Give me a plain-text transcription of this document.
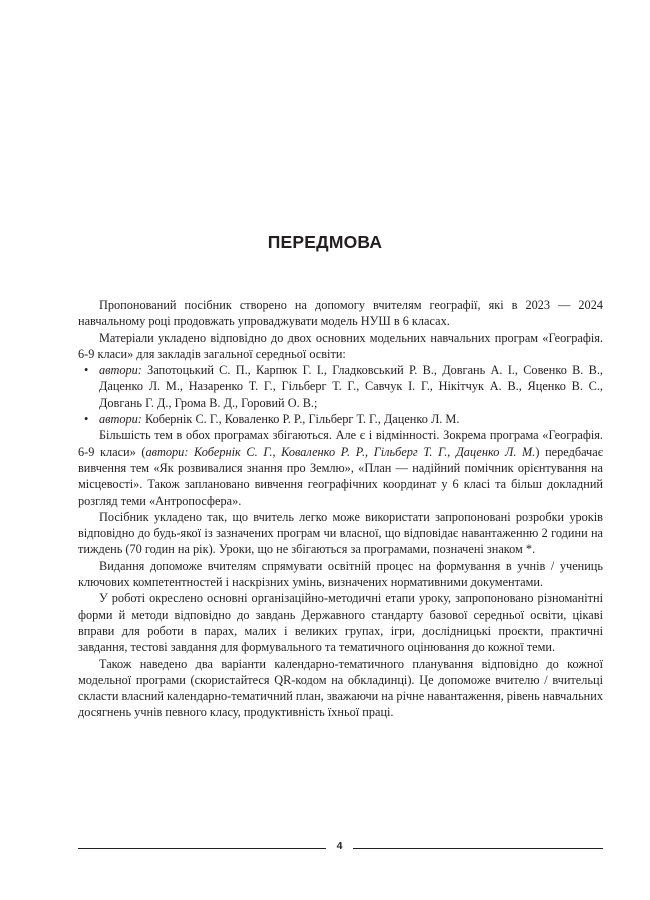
ПЕРЕДМОВА

Пропонований посібник створено на допомогу вчителям географії, які в 2023 — 2024 навчальному році продовжать упроваджувати модель НУШ в 6 класах.

Матеріали укладено відповідно до двох основних модельних навчальних програм «Географія. 6-9 класи» для закладів загальної середньої освіти:

• автори: Запотоцький С. П., Карпюк Г. І., Гладковський Р. В., Довгань А. І., Совенко В. В., Даценко Л. М., Назаренко Т. Г., Гільберг Т. Г., Савчук І. Г., Нікітчук А. В., Яценко В. С., Довгань Г. Д., Грома В. Д., Горовий О. В.;

• автори: Кобернік С. Г., Коваленко Р. Р., Гільберг Т. Г., Даценко Л. М.

Більшість тем в обох програмах збігаються. Але є і відмінності. Зокрема програма «Географія. 6-9 класи» (автори: Кобернік С. Г., Коваленко Р. Р., Гільберг Т. Г., Даценко Л. М.) передбачає вивчення тем «Як розвивалися знання про Землю», «План — надійний помічник орієнтування на місцевості». Також заплановано вивчення географічних координат у 6 класі та більш докладний розгляд теми «Антропосфера».

Посібник укладено так, що вчитель легко може використати запропоновані розробки уроків відповідно до будь-якої із зазначених програм чи власної, що відповідає навантаженню 2 години на тиждень (70 годин на рік). Уроки, що не збігаються за програмами, позначені знаком *.

Видання допоможе вчителям спрямувати освітній процес на формування в учнів / учениць ключових компетентностей і наскрізних умінь, визначених нормативними документами.

У роботі окреслено основні організаційно-методичні етапи уроку, запропоновано різноманітні форми й методи відповідно до завдань Державного стандарту базової середньої освіти, цікаві вправи для роботи в парах, малих і великих групах, ігри, дослідницькі проєкти, практичні завдання, тестові завдання для формувального та тематичного оцінювання до кожної теми.

Також наведено два варіанти календарно-тематичного планування відповідно до кожної модельної програми (скористайтеся QR-кодом на обкладинці). Це допоможе вчителю / вчительці скласти власний календарно-тематичний план, зважаючи на річне навантаження, рівень навчальних досягнень учнів певного класу, продуктивність їхньої праці.

4
